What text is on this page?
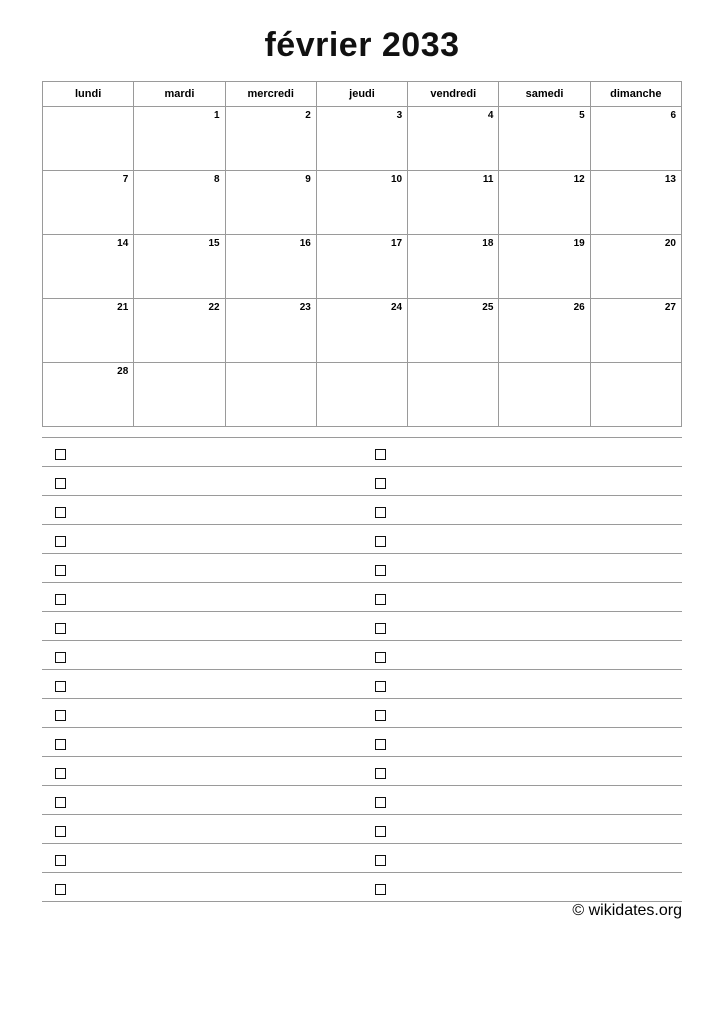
février 2033
lundi	mardi	mercredi	jeudi	vendredi	samedi	dimanche
	1	2	3	4	5	6
7	8	9	10	11	12	13
14	15	16	17	18	19	20
21	22	23	24	25	26	27
28						

© wikidates.org
